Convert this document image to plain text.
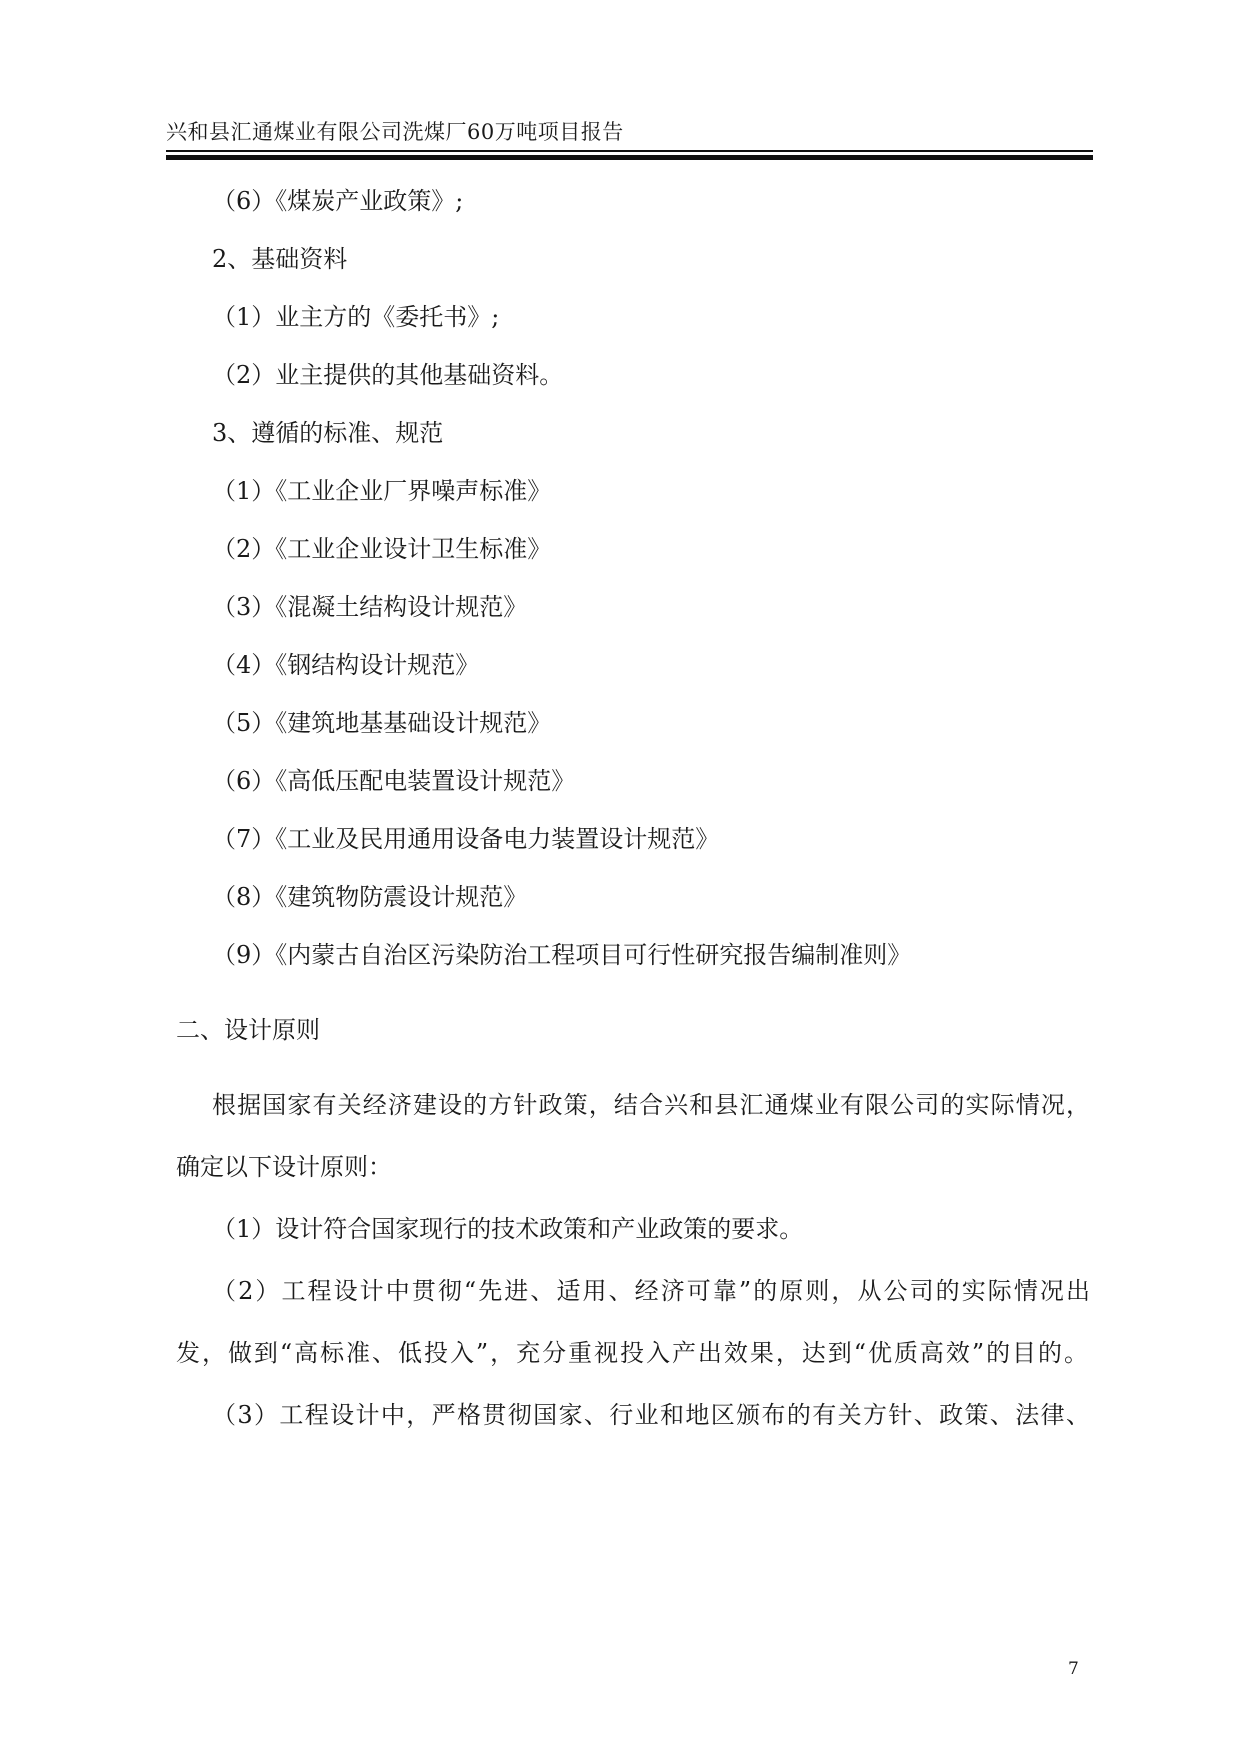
兴和县汇通煤业有限公司洗煤厂60万吨项目报告
（6）《煤炭产业政策》;
2、基础资料
（1）业主方的《委托书》;
（2）业主提供的其他基础资料。
3、遵循的标准、规范
（1）《工业企业厂界噪声标准》
（2）《工业企业设计卫生标准》
（3）《混凝土结构设计规范》
（4）《钢结构设计规范》
（5）《建筑地基基础设计规范》
（6）《高低压配电装置设计规范》
（7）《工业及民用通用设备电力装置设计规范》
（8）《建筑物防震设计规范》
（9）《内蒙古自治区污染防治工程项目可行性研究报告编制准则》
二、设计原则
根据国家有关经济建设的方针政策，结合兴和县汇通煤业有限公司的实际情况，
确定以下设计原则：
（1）设计符合国家现行的技术政策和产业政策的要求。
（2）工程设计中贯彻“先进、适用、经济可靠”的原则，从公司的实际情况出
发，做到“高标准、低投入”，充分重视投入产出效果，达到“优质高效”的目的。
（3）工程设计中，严格贯彻国家、行业和地区颁布的有关方针、政策、法律、
7
